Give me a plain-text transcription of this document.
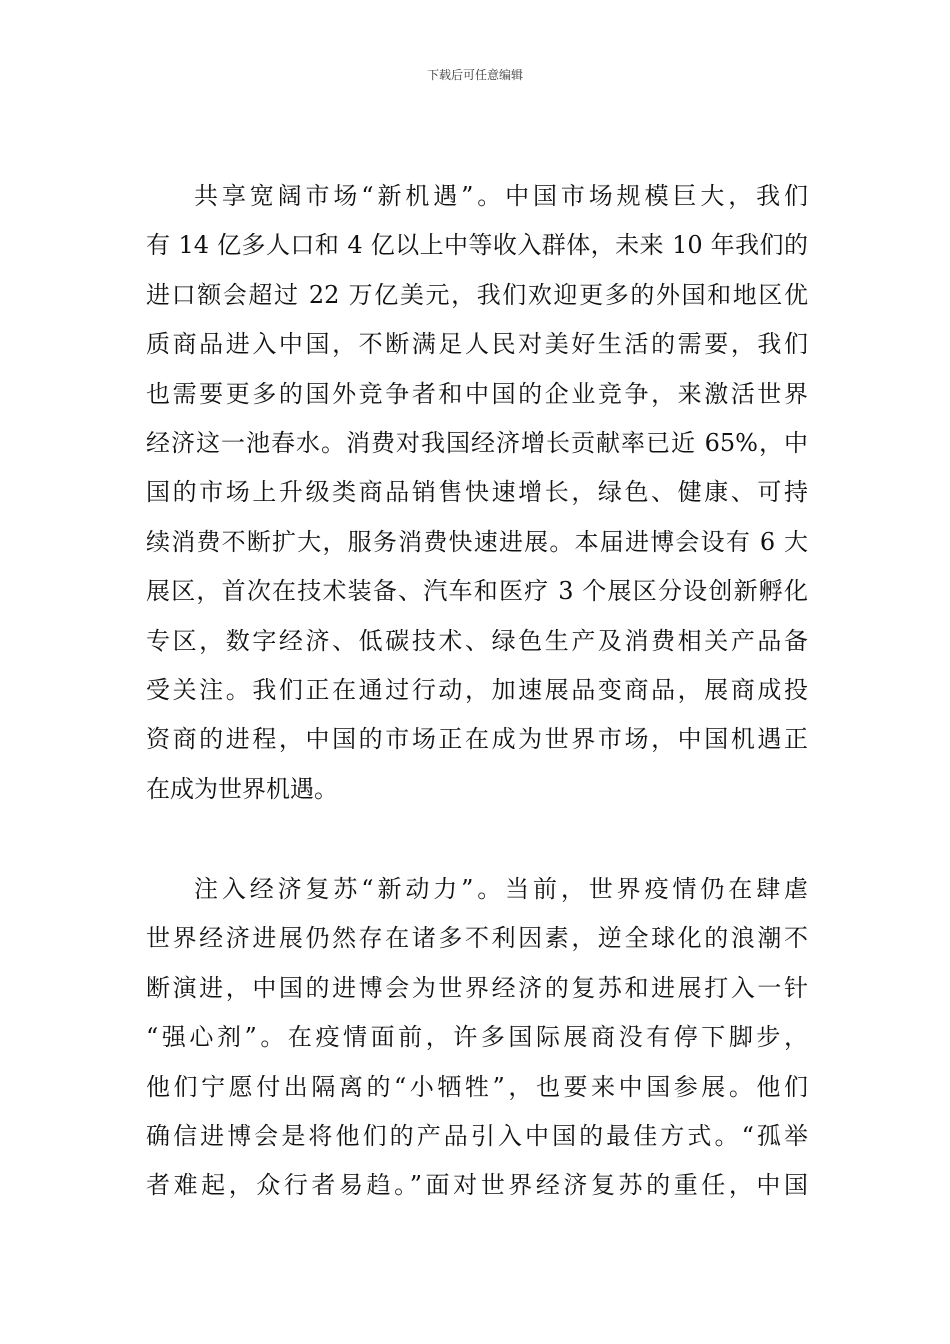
下载后可任意编辑
共享宽阔市场“新机遇”。中国市场规模巨大，我们
有 14 亿多人口和 4 亿以上中等收入群体，未来 10 年我们的
进口额会超过 22 万亿美元，我们欢迎更多的外国和地区优
质商品进入中国，不断满足人民对美好生活的需要，我们
也需要更多的国外竞争者和中国的企业竞争，来激活世界
经济这一池春水。消费对我国经济增长贡献率已近 65%，中
国的市场上升级类商品销售快速增长，绿色、健康、可持
续消费不断扩大，服务消费快速进展。本届进博会设有 6 大
展区，首次在技术装备、汽车和医疗 3 个展区分设创新孵化
专区，数字经济、低碳技术、绿色生产及消费相关产品备
受关注。我们正在通过行动，加速展品变商品，展商成投
资商的进程，中国的市场正在成为世界市场，中国机遇正
在成为世界机遇。
注入经济复苏“新动力”。当前，世界疫情仍在肆虐
世界经济进展仍然存在诸多不利因素，逆全球化的浪潮不
断演进，中国的进博会为世界经济的复苏和进展打入一针
“强心剂”。在疫情面前，许多国际展商没有停下脚步，
他们宁愿付出隔离的“小牺牲”，也要来中国参展。他们
确信进博会是将他们的产品引入中国的最佳方式。“孤举
者难起，众行者易趋。”面对世界经济复苏的重任，中国
